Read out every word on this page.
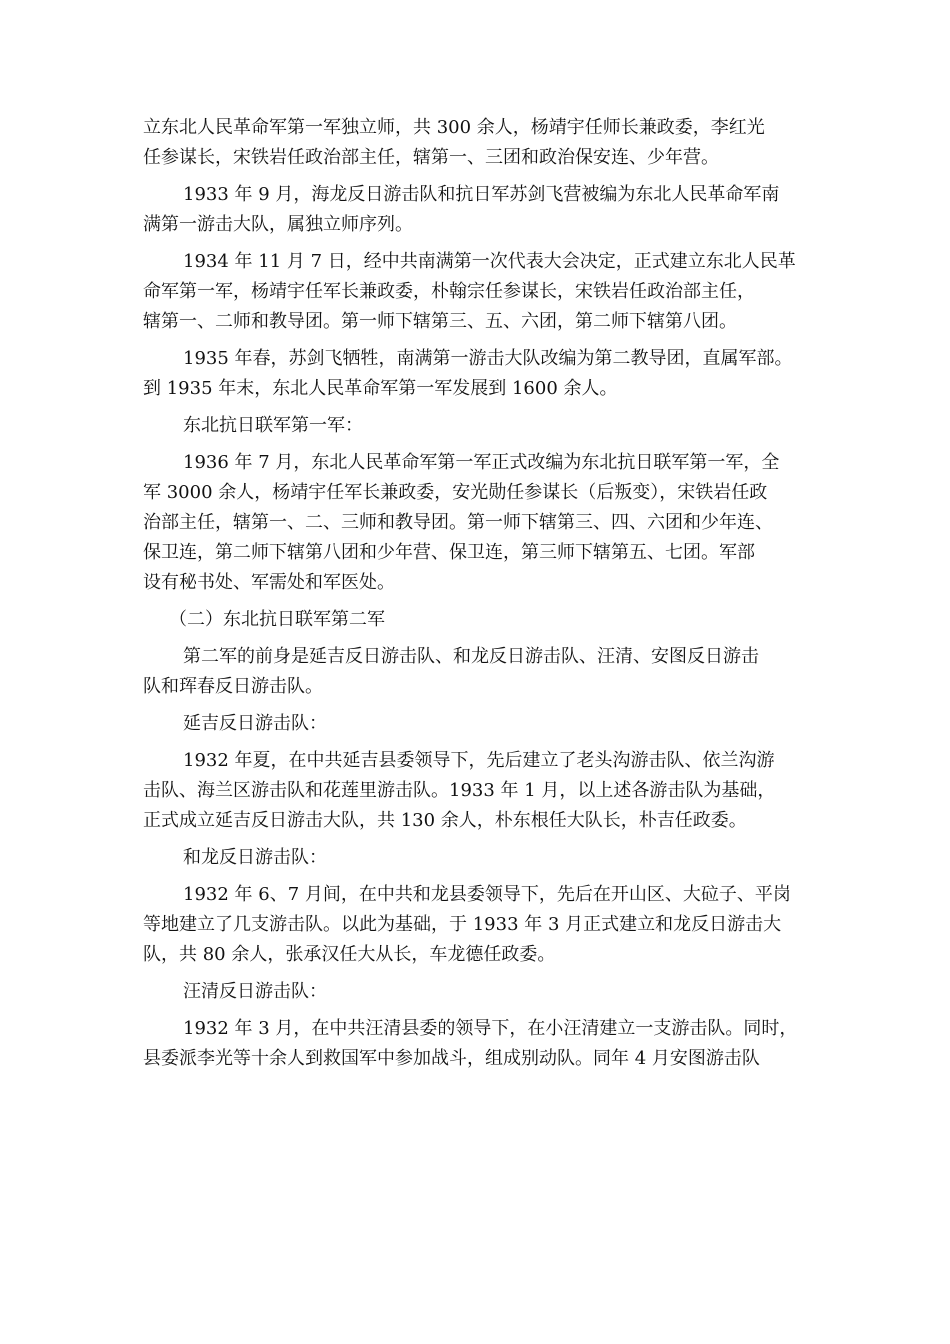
立东北人民革命军第一军独立师，共 300 余人，杨靖宇任师长兼政委，李红光
任参谋长，宋铁岩任政治部主任，辖第一、三团和政治保安连、少年营。

1933 年 9 月，海龙反日游击队和抗日军苏剑飞营被编为东北人民革命军南
满第一游击大队，属独立师序列。

1934 年 11 月 7 日，经中共南满第一次代表大会决定，正式建立东北人民革
命军第一军，杨靖宇任军长兼政委，朴翰宗任参谋长，宋铁岩任政治部主任，
辖第一、二师和教导团。第一师下辖第三、五、六团，第二师下辖第八团。

1935 年春，苏剑飞牺牲，南满第一游击大队改编为第二教导团，直属军部。
到 1935 年末，东北人民革命军第一军发展到 1600 余人。

东北抗日联军第一军：

1936 年 7 月，东北人民革命军第一军正式改编为东北抗日联军第一军，全
军 3000 余人，杨靖宇任军长兼政委，安光勋任参谋长（后叛变），宋铁岩任政
治部主任，辖第一、二、三师和教导团。第一师下辖第三、四、六团和少年连、
保卫连，第二师下辖第八团和少年营、保卫连，第三师下辖第五、七团。军部
设有秘书处、军需处和军医处。

（二）东北抗日联军第二军

第二军的前身是延吉反日游击队、和龙反日游击队、汪清、安图反日游击
队和珲春反日游击队。

延吉反日游击队：

1932 年夏，在中共延吉县委领导下，先后建立了老头沟游击队、依兰沟游
击队、海兰区游击队和花莲里游击队。1933 年 1 月，以上述各游击队为基础，
正式成立延吉反日游击大队，共 130 余人，朴东根任大队长，朴吉任政委。

和龙反日游击队：

1932 年 6、7 月间，在中共和龙县委领导下，先后在开山区、大砬子、平岗
等地建立了几支游击队。以此为基础，于 1933 年 3 月正式建立和龙反日游击大
队，共 80 余人，张承汉任大从长，车龙德任政委。

汪清反日游击队：

1932 年 3 月，在中共汪清县委的领导下，在小汪清建立一支游击队。同时，
县委派李光等十余人到救国军中参加战斗，组成别动队。同年 4 月安图游击队
